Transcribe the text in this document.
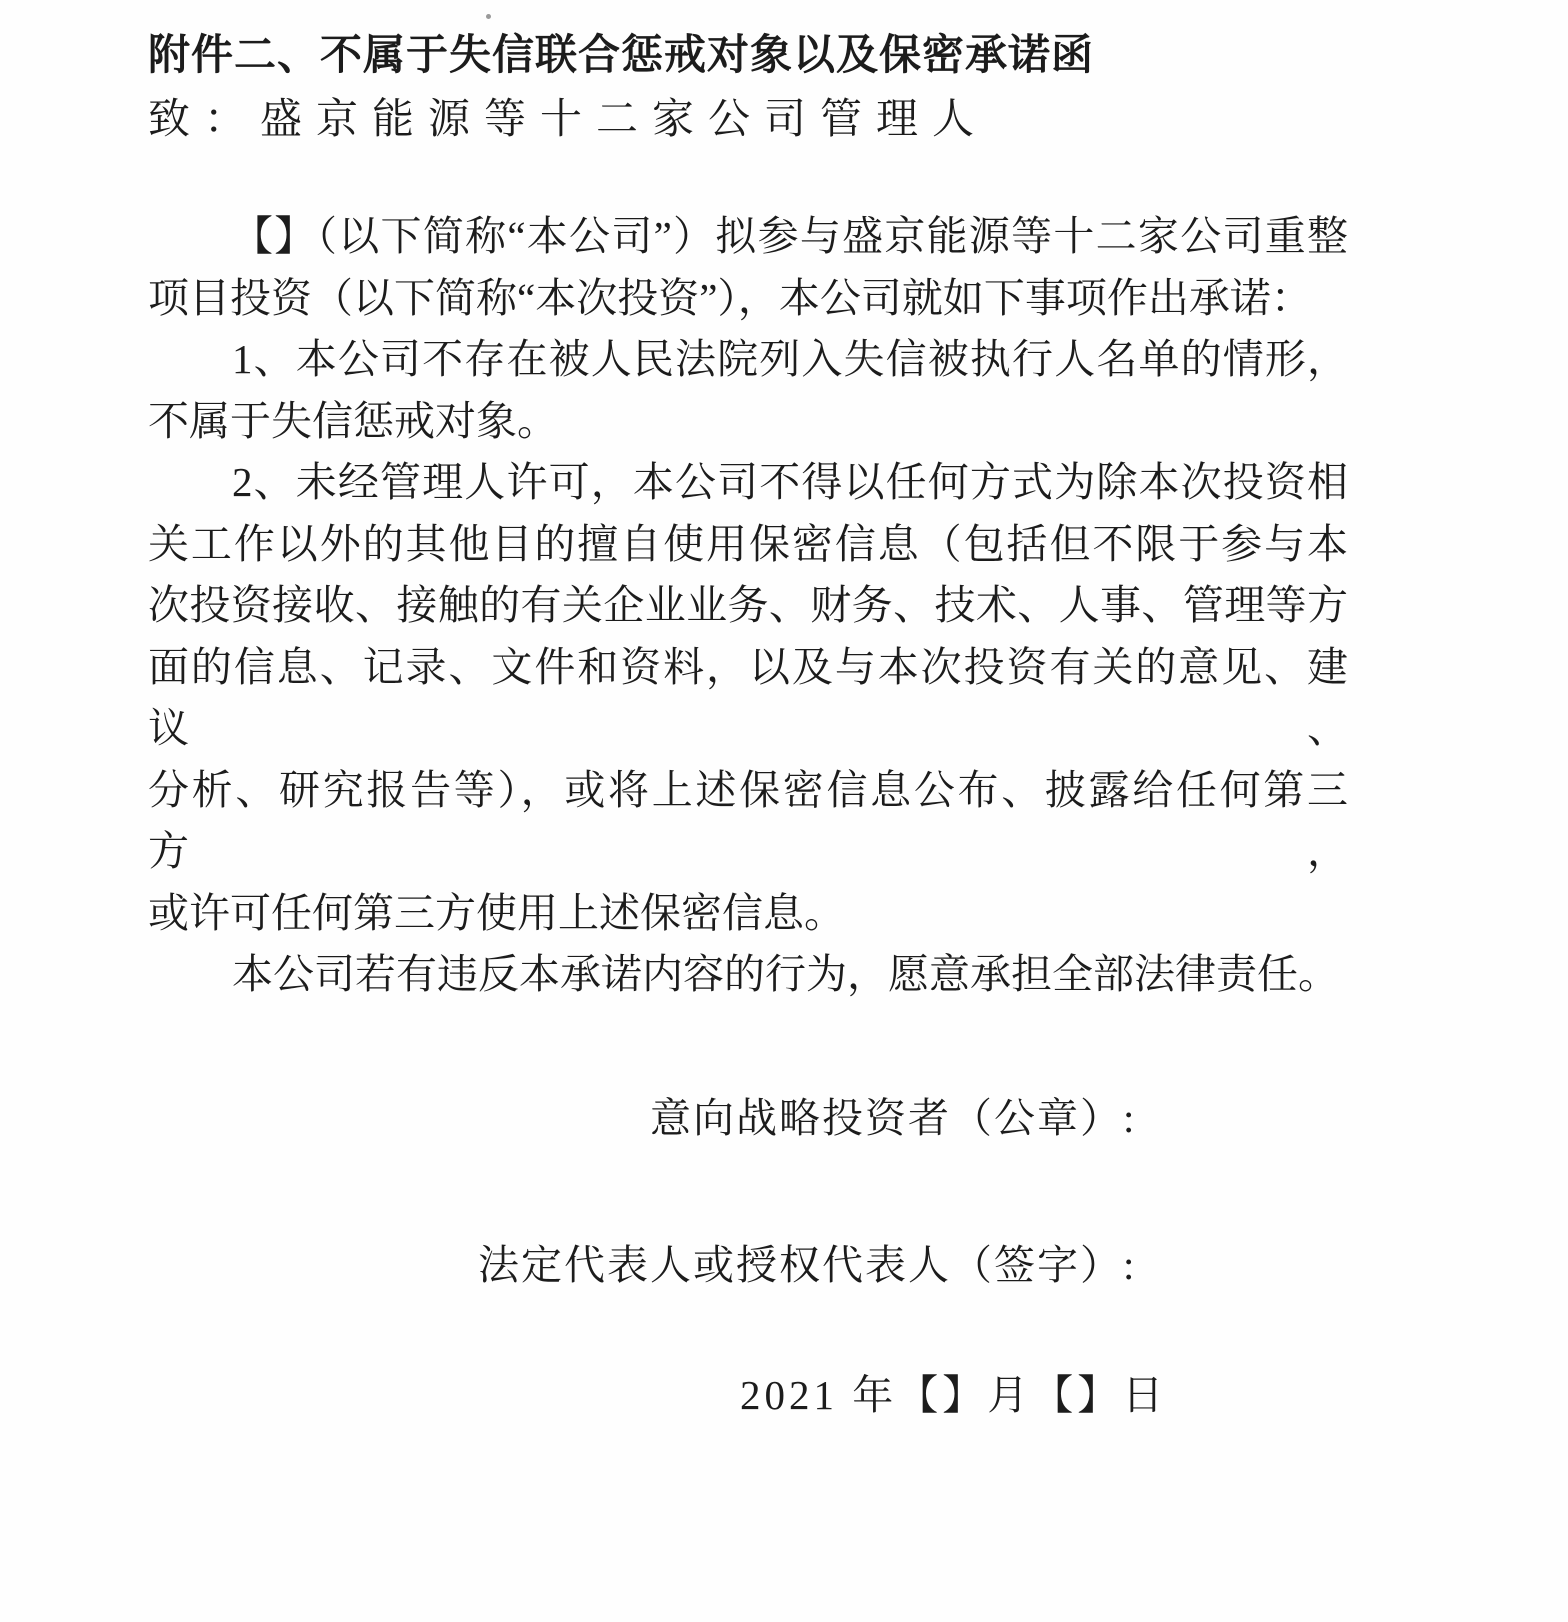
附件二、不属于失信联合惩戒对象以及保密承诺函
致：盛京能源等十二家公司管理人
【】（以下简称“本公司”）拟参与盛京能源等十二家公司重整
项目投资（以下简称“本次投资”），本公司就如下事项作出承诺：
1、本公司不存在被人民法院列入失信被执行人名单的情形，
不属于失信惩戒对象。
2、未经管理人许可，本公司不得以任何方式为除本次投资相
关工作以外的其他目的擅自使用保密信息（包括但不限于参与本
次投资接收、接触的有关企业业务、财务、技术、人事、管理等方
面的信息、记录、文件和资料，以及与本次投资有关的意见、建议、
分析、研究报告等），或将上述保密信息公布、披露给任何第三方，
或许可任何第三方使用上述保密信息。
本公司若有违反本承诺内容的行为，愿意承担全部法律责任。
意向战略投资者（公章）:
法定代表人或授权代表人（签字）:
2021 年【】月【】日
